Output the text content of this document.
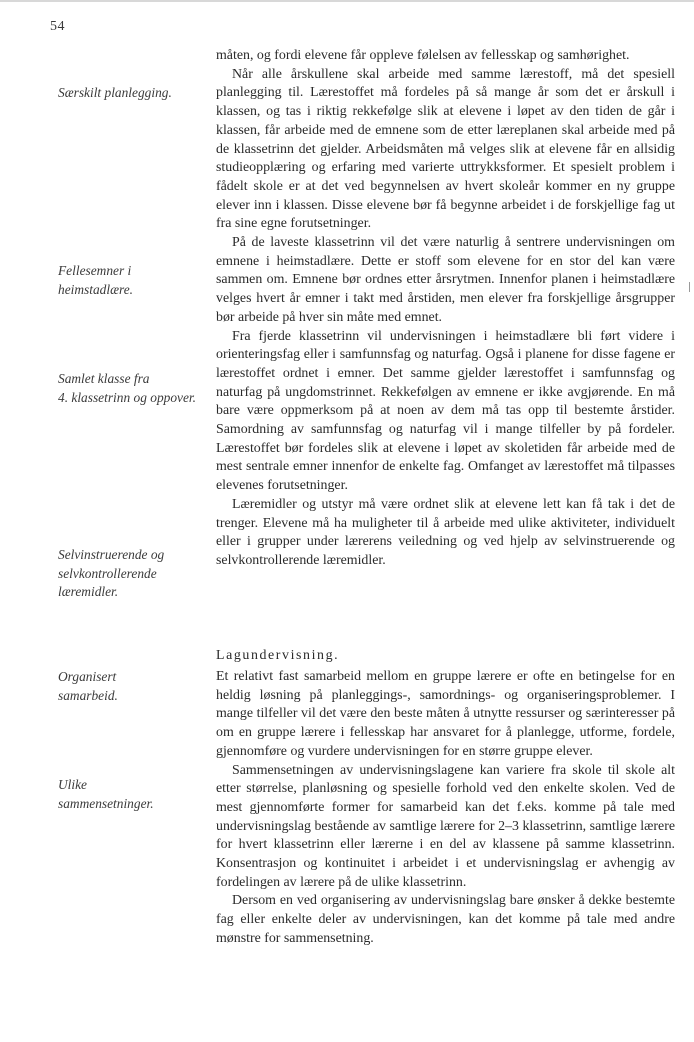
54
Særskilt planlegging.
Fellesemner i
heimstadlære.
Samlet klasse fra
4. klassetrinn og oppover.
Selvinstruerende og
selvkontrollerende
læremidler.
Organisert
samarbeid.
Ulike
sammensetninger.

måten, og fordi elevene får oppleve følelsen av fellesskap og samhørighet.

Når alle årskullene skal arbeide med samme lærestoff, må det spesiell planlegging til. Lærestoffet må fordeles på så mange år som det er årskull i klassen, og tas i riktig rekkefølge slik at elevene i løpet av den tiden de går i klassen, får arbeide med de emnene som de etter læreplanen skal arbeide med på de klassetrinn det gjelder. Arbeidsmåten må velges slik at elevene får en allsidig studieopplæring og erfaring med varierte uttrykksformer. Et spesielt problem i fådelt skole er at det ved begynnelsen av hvert skoleår kommer en ny gruppe elever inn i klassen. Disse elevene bør få begynne arbeidet i de forskjellige fag ut fra sine egne forutsetninger.

På de laveste klassetrinn vil det være naturlig å sentrere undervisningen om emnene i heimstadlære. Dette er stoff som elevene for en stor del kan være sammen om. Emnene bør ordnes etter årsrytmen. Innenfor planen i heimstadlære velges hvert år emner i takt med årstiden, men elever fra forskjellige årsgrupper bør arbeide på hver sin måte med emnet.

Fra fjerde klassetrinn vil undervisningen i heimstadlære bli ført videre i orienteringsfag eller i samfunnsfag og naturfag. Også i planene for disse fagene er lærestoffet ordnet i emner. Det samme gjelder lærestoffet i samfunnsfag og naturfag på ungdomstrinnet. Rekkefølgen av emnene er ikke avgjørende. En må bare være oppmerksom på at noen av dem må tas opp til bestemte årstider. Samordning av samfunnsfag og naturfag vil i mange tilfeller by på fordeler. Lærestoffet bør fordeles slik at elevene i løpet av skoletiden får arbeide med de mest sentrale emner innenfor de enkelte fag. Omfanget av lærestoffet må tilpasses elevenes forutsetninger.

Læremidler og utstyr må være ordnet slik at elevene lett kan få tak i det de trenger. Elevene må ha muligheter til å arbeide med ulike aktiviteter, individuelt eller i grupper under lærerens veiledning og ved hjelp av selvinstruerende og selvkontrollerende læremidler.

Lagundervisning.

Et relativt fast samarbeid mellom en gruppe lærere er ofte en betingelse for en heldig løsning på planleggings-, samordnings- og organiseringsproblemer. I mange tilfeller vil det være den beste måten å utnytte ressurser og særinteresser på om en gruppe lærere i fellesskap har ansvaret for å planlegge, utforme, fordele, gjennomføre og vurdere undervisningen for en større gruppe elever.

Sammensetningen av undervisningslagene kan variere fra skole til skole alt etter størrelse, planløsning og spesielle forhold ved den enkelte skolen. Ved de mest gjennomførte former for samarbeid kan det f.eks. komme på tale med undervisningslag bestående av samtlige lærere for 2–3 klassetrinn, samtlige lærere for hvert klassetrinn eller lærerne i en del av klassene på samme klassetrinn. Konsentrasjon og kontinuitet i arbeidet i et undervisningslag er avhengig av fordelingen av lærere på de ulike klassetrinn.

Dersom en ved organisering av undervisningslag bare ønsker å dekke bestemte fag eller enkelte deler av undervisningen, kan det komme på tale med andre mønstre for sammensetning.
